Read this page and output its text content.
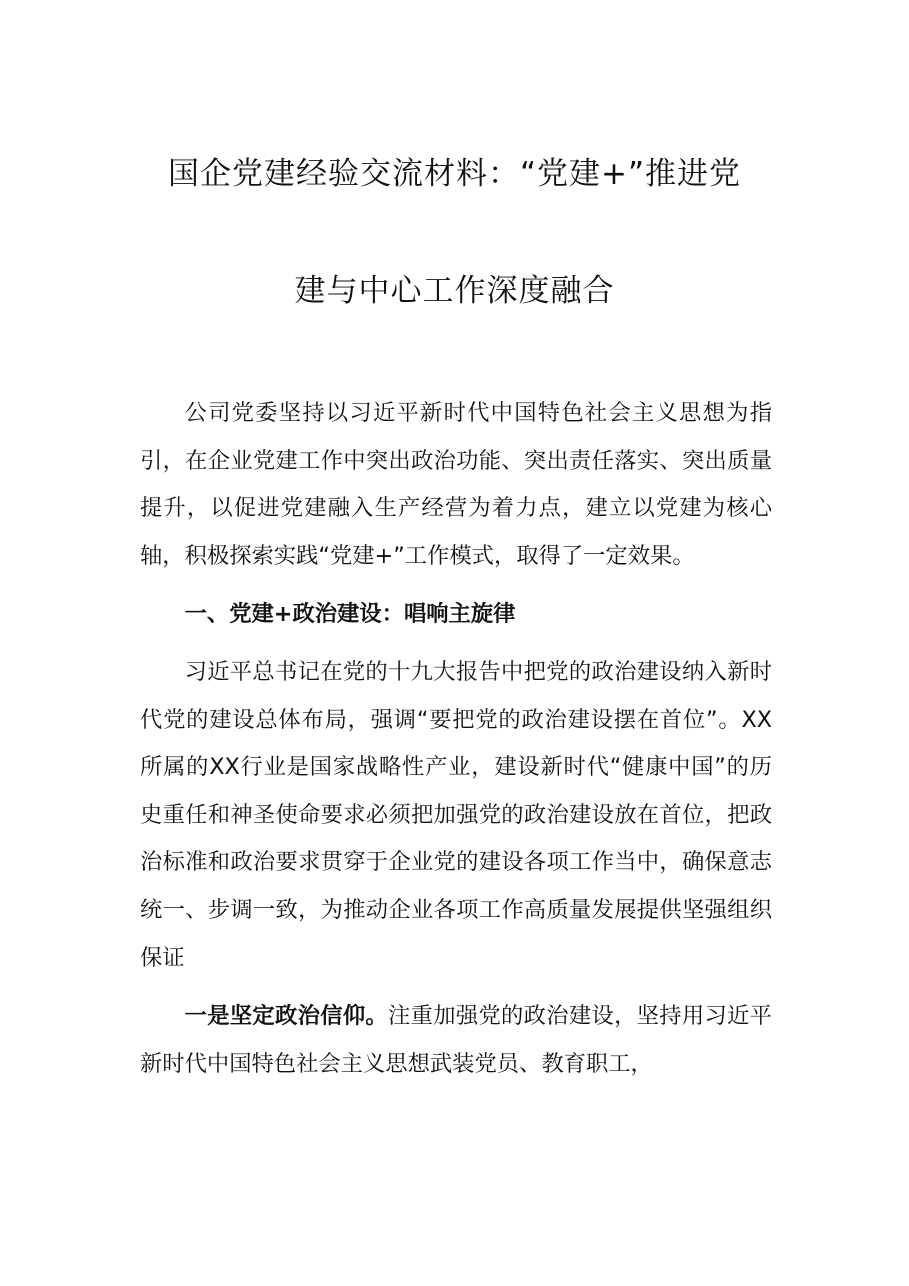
国企党建经验交流材料：“党建+”推进党
建与中心工作深度融合

公司党委坚持以习近平新时代中国特色社会主义思想为指引，在企业党建工作中突出政治功能、突出责任落实、突出质量提升，以促进党建融入生产经营为着力点，建立以党建为核心轴，积极探索实践“党建+”工作模式，取得了一定效果。

一、党建+政治建设：唱响主旋律

习近平总书记在党的十九大报告中把党的政治建设纳入新时代党的建设总体布局，强调“要把党的政治建设摆在首位”。XX所属的XX行业是国家战略性产业，建设新时代“健康中国”的历史重任和神圣使命要求必须把加强党的政治建设放在首位，把政治标准和政治要求贯穿于企业党的建设各项工作当中，确保意志统一、步调一致，为推动企业各项工作高质量发展提供坚强组织保证

一是坚定政治信仰。注重加强党的政治建设，坚持用习近平新时代中国特色社会主义思想武装党员、教育职工，
